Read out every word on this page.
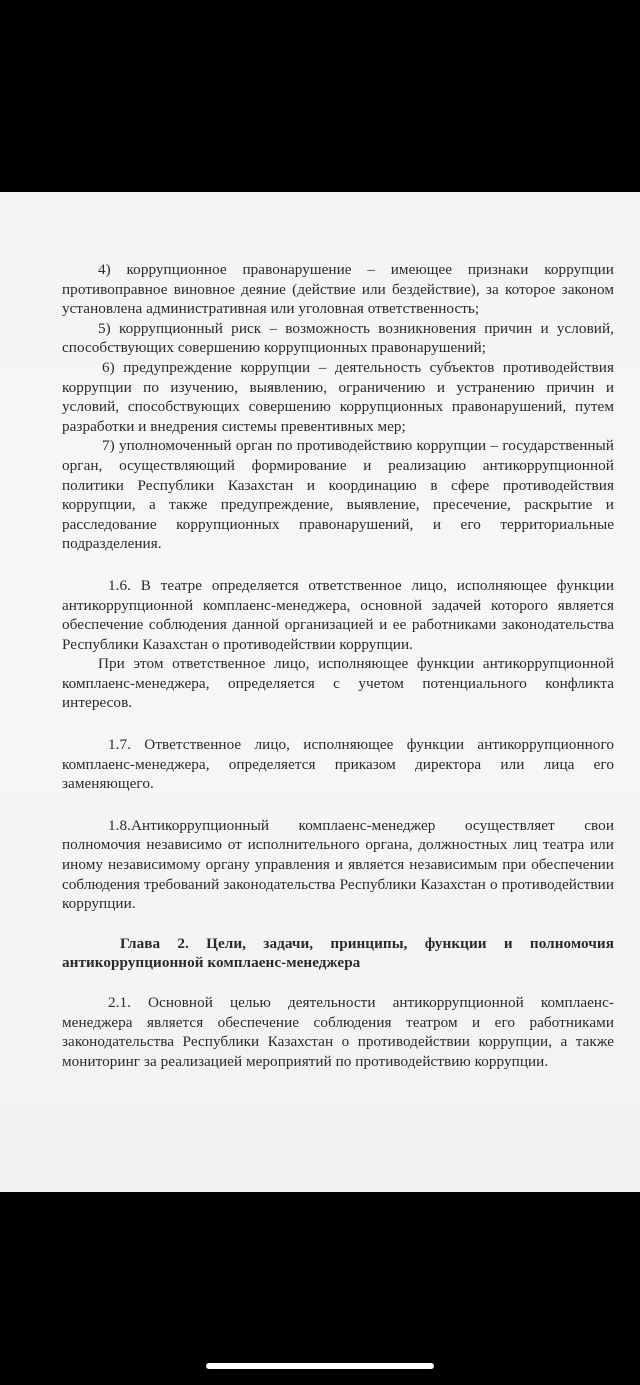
4) коррупционное правонарушение – имеющее признаки коррупции противоправное виновное деяние (действие или бездействие), за которое законом установлена административная или уголовная ответственность;

5) коррупционный риск – возможность возникновения причин и условий, способствующих совершению коррупционных правонарушений;

6) предупреждение коррупции – деятельность субъектов противодействия коррупции по изучению, выявлению, ограничению и устранению причин и условий, способствующих совершению коррупционных правонарушений, путем разработки и внедрения системы превентивных мер;

7) уполномоченный орган по противодействию коррупции – государственный орган, осуществляющий формирование и реализацию антикоррупционной политики Республики Казахстан и координацию в сфере противодействия коррупции, а также предупреждение, выявление, пресечение, раскрытие и расследование коррупционных правонарушений, и его территориальные подразделения.

1.6. В театре определяется ответственное лицо, исполняющее функции антикоррупционной комплаенс-менеджера, основной задачей которого является обеспечение соблюдения данной организацией и ее работниками законодательства Республики Казахстан о противодействии коррупции.

При этом ответственное лицо, исполняющее функции антикоррупционной комплаенс-менеджера, определяется с учетом потенциального конфликта интересов.

1.7. Ответственное лицо, исполняющее функции антикоррупционного комплаенс-менеджера, определяется приказом директора или лица его заменяющего.

1.8.Антикоррупционный комплаенс-менеджер осуществляет свои полномочия независимо от исполнительного органа, должностных лиц театра или иному независимому органу управления и является независимым при обеспечении соблюдения требований законодательства Республики Казахстан о противодействии коррупции.

Глава 2. Цели, задачи, принципы, функции и полномочия антикоррупционной комплаенс-менеджера

2.1. Основной целью деятельности антикоррупционной комплаенс-менеджера является обеспечение соблюдения театром и его работниками законодательства Республики Казахстан о противодействии коррупции, а также мониторинг за реализацией мероприятий по противодействию коррупции.
